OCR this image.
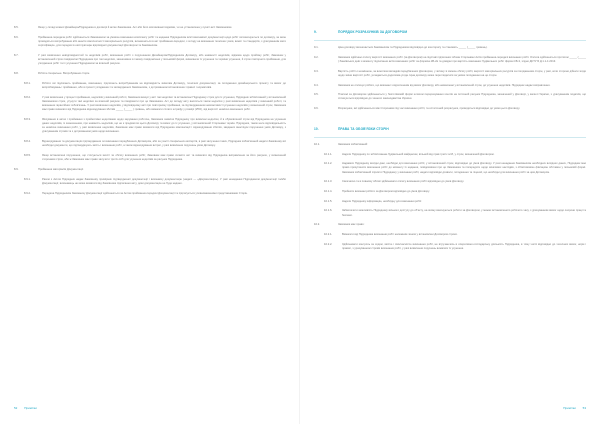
8.5.	Якщо у складі кожної Дизайнера/Підрядника в договорі й актах Замовника. Акт або його мотивованої відмови, чи не установлена у пункті акті Замовником.
8.6.	Приймання-передача робіт здійснюється Замовником за умовою виконання комплексу робіт та надання Підрядником всієї виконавчої документації щодо робіт які виконуються по договору, за якою проводяться випробування або аналіз комплектності матеріальних ресурсів, визначається в акт приймання-передачі, з огляду на виконання технічних умов, вимог та стандартів, з урахуванням мети сертифікацію, для передачі в експлуатацію відповідної документації Договором та Замовником.
8.7.	У разі виявлення невідповідностей та недоліків робіт, виконання робіт з порушенням Дизайнером/Підрядником Договору, або наявності недоліків, відмова щодо прийому робіт, Замовник у встановлений строк повідомляє Підрядника про такі недоліки, зазначивши в такому повідомленні у письмовій формі, вимагаючи їх усунення та терміни усунення, й строк повторного приймання, для узгодження робіт та їх усунення Підрядником за власний рахунок.
8.8.	Робота спеціальне. Випробування сторін.
8.8.1.	Роботи які підлягають прийманню, виконання, підлягають випробуванням на відповідність вимогам Договору, технічної документації, за погодження дизайнерського проекту та вимог до випробовувань і приймання, або в проекті узгоджених та затверджених Замовником, з дотриманням встановлених правил і нормативів.
8.8.2.	У разі виявлення у процесі приймання, недоліків у виконаній роботі, Замовник вказує у акті такі недоліки та встановлює Підряднику строк для їх усунення, Підрядник зобов'язаний у встановлений Замовником строк, усунути такі недоліки за власний рахунок та повідомити про це Замовника. Акт до складу акту вносяться також недоліки у разі виявлення недоліків у виконаній роботі, та виконання гарантійних зобов'язань. У разі виявлення недоліків, у відповідному акті при повторному прийманні, за підтвердженням неможливості усунення недоліків у визначений строк, Замовник має право вимагати від Підрядника відшкодування збитків _____ (_____ ) гривень, або вимагати сплати штрафу у розмірі (25%), від вартості неякісно виконаних робіт.
8.8.3.	Фіксування в актах і приймання з прийнятими недоліками щодо керування роботою, Замовник заявляє Підряднику про виявлені недоліки, й в обумовлений строк від Підрядника на усунення даних недоліків, із зазначенням, про наявність недоліків, що не є предметом цього Договору та вимог до їх усунення, у встановлений Сторонами термін. Підрядник, також несе відповідальність за неякісне виконання робіт, у разі виявлення недоліків, Замовник має право вимагати від Підрядника компенсації і відшкодування збитків, завданих внаслідок порушення умов Договору, з урахуванням строків та з дотриманням умов щодо виконання.
8.8.4.	Відшкодування та документація підтвердження чи виконання передбачених Договором, або за участі спеціальних експертів, в разі залучення таких, Підрядник зобов'язаний надати Замовнику всі необхідні документи, що підтверджують якість і виконання робіт, а також відшкодування витрат, у разі виявлення порушень умов Договору.
8.8.5.	Якщо встановлені порушення, що стосуються якості чи обсягу виконаних робіт, Замовник має право скласти акт та вимагати від Підрядника виправлення за його рахунок, у визначений сторонами строк, або ж Замовник має право залучити третіх осіб для усунення недоліків за рахунок Підрядника.
8.9.	Приймання матеріалів Документації.
8.9.1.	Разом з Актом Підрядник надає Замовнику примірник підтвердженої документації і виконавчу документацію (надалі — «Документація»). У разі ненадання Підрядником документації та/або Документації, виконавець не може вимагати від Замовника підписання акту, доки документацію не буде надано.
8.9.2.	Передача Підрядником Замовнику Документації здійснюється за Актом приймання-передачі Документації та підписується уповноваженими представниками Сторін.
9.	ПОРЯДОК РОЗРАХУНКІВ ЗА ДОГОВОРОМ
9.1.	Ціна договору визначається Замовником та Підрядником відповідно до кошторису та становить _____ (_____ гривень).
9.2.	Замовник здійснює оплату вартості виконаних робіт (за Договором) на підставі підписаних обома Сторонами Актів приймання-передачі виконаних робіт. Оплата здійснюється протягом _____ (_____ ) банківських днів з моменту підписання актів виконаних робіт за формою КБ-2в та довідки про вартість виконаних будівельних робіт форми КБ-3, згідно ДСТУ Б Д.1.1-1:2013.
9.3.	Вартість робіт є незмінною, за винятком випадків передбачених Договором, у зв'язку зі зміною обсягу робіт, вартості матеріальних ресурсів за погодженням сторін, у разі, коли сторони дійшли згоди щодо зміни вартості робіт, укладається додаткова угода. Ціна договору може переглядатися за умови погодження на це сторін.
9.4.	Замовник не оплачує роботи, що виконані з відхиленням від вимог Договору, або невиконані у встановлений строк, до усунення недоліків. Підрядник надає виправлення.
9.5.	Платежі за Договором здійснюються у безготівковій формі шляхом перерахування коштів на поточний рахунок Підрядника, зазначений у Договорі, у валюті України, з урахуванням податків, що сплачуються відповідно до чинного законодавства України.
9.6.	Розрахунки, які здійснюються між Сторонами під час виконання робіт, та остаточний розрахунок, проводяться відповідно до умов цього Договору.
10.	ПРАВА ТА ОБОВ'ЯЗКИ СТОРІН
10.1.	Замовник зобов'язаний:
10.1.1.	Надати Підряднику по зобов'язанню будівельний майданчик, вільний від прав третіх осіб, у строк, визначений Договором.
10.1.2.	Надавати Підряднику вихідні дані, необхідні для виконання робіт, у встановлений строк, відповідно до умов Договору. У разі ненадання Замовником необхідних вихідних даних, Підрядник має право призупинити виконання робіт до моменту їх надання, повідомивши про це Замовника та попередити щодо можливих наслідків, з обов'язковою фіксацією обставин у письмовій формі. Замовник зобов'язаний сприяти Підряднику у виконанні робіт, надати відповідні дозволи, погодження та ліцензії, що необхідні для виконання робіт за цим Договором.
10.1.3.	Своєчасно та в повному обсязі здійснювати оплату виконаних робіт відповідно до умов Договору.
10.1.4.	Прийняти виконані роботи за Договором відповідно до умов Договору.
10.1.5.	Надати Підряднику інформацію, необхідну для виконання робіт.
10.1.6.	Забезпечити можливість Підряднику вільного доступу до об'єкту, на якому виконуються роботи за Договором, у межах встановленого робочого часу, з урахуванням вимог щодо охорони праці та безпеки.
10.2.	Замовник має право:
10.2.1.	Вимагати від Підрядника виконання робіт належним чином у встановлені Договором строки.
10.2.2.	Здійснювати контроль за ходом, якістю і своєчасністю виконання робіт, не втручаючись в оперативно-господарську діяльність Підрядника, в тому числі відповідно до технічних вимог, норм і правил, з урахуванням строків виконання робіт, у разі виявлення порушень вимагати їх усунення.
52 Примітки	Примітки 53
